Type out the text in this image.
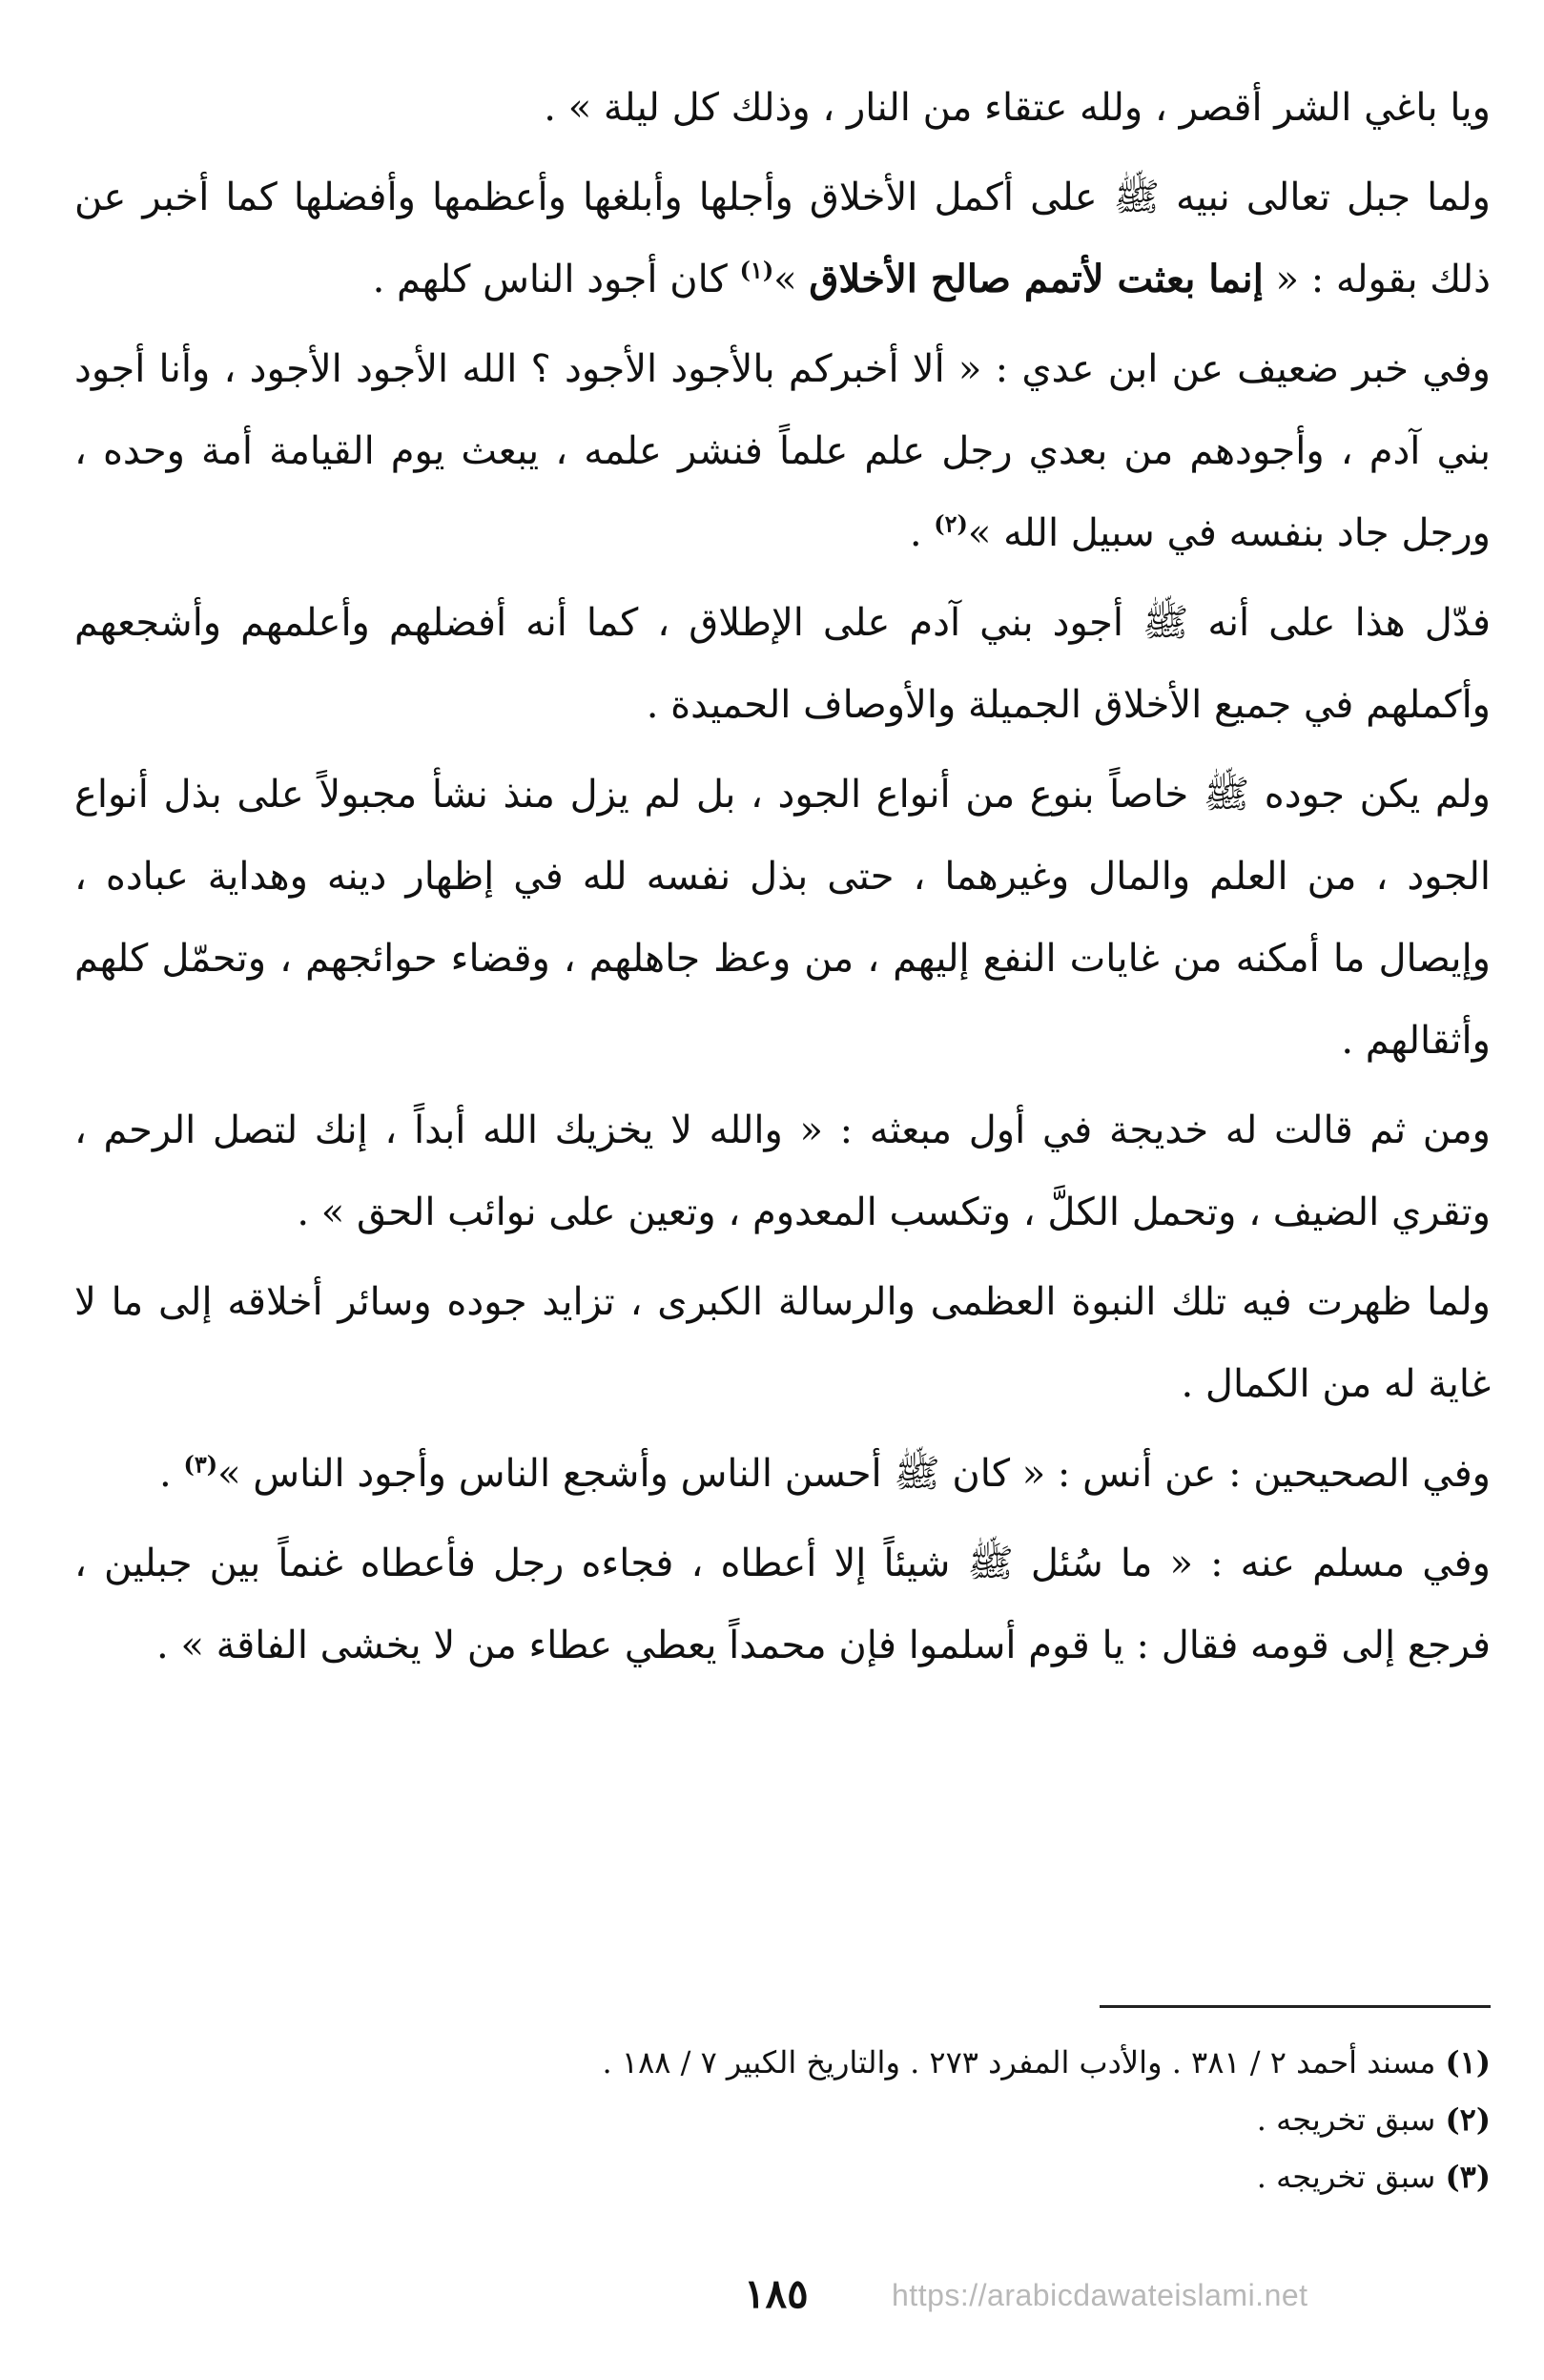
ويا باغي الشر أقصر ، ولله عتقاء من النار ، وذلك كل ليلة » .

ولما جبل تعالى نبيه ﷺ على أكمل الأخلاق وأجلها وأبلغها وأعظمها وأفضلها كما أخبر عن ذلك بقوله : « إنما بعثت لأتمم صالح الأخلاق »$^{(١)}$ كان أجود الناس كلهم .

وفي خبر ضعيف عن ابن عدي : « ألا أخبركم بالأجود الأجود ؟ الله الأجود الأجود ، وأنا أجود بني آدم ، وأجودهم من بعدي رجل علم علماً فنشر علمه ، يبعث يوم القيامة أمة وحده ، ورجل جاد بنفسه في سبيل الله »$^{(٢)}$ .

فدّل هذا على أنه ﷺ أجود بني آدم على الإطلاق ، كما أنه أفضلهم وأعلمهم وأشجعهم وأكملهم في جميع الأخلاق الجميلة والأوصاف الحميدة .

ولم يكن جوده ﷺ خاصاً بنوع من أنواع الجود ، بل لم يزل منذ نشأ مجبولاً على بذل أنواع الجود ، من العلم والمال وغيرهما ، حتى بذل نفسه لله في إظهار دينه وهداية عباده ، وإيصال ما أمكنه من غايات النفع إليهم ، من وعظ جاهلهم ، وقضاء حوائجهم ، وتحمّل كلهم وأثقالهم .

ومن ثم قالت له خديجة في أول مبعثه : « والله لا يخزيك الله أبداً ، إنك لتصل الرحم ، وتقري الضيف ، وتحمل الكلَّ ، وتكسب المعدوم ، وتعين على نوائب الحق » .

ولما ظهرت فيه تلك النبوة العظمى والرسالة الكبرى ، تزايد جوده وسائر أخلاقه إلى ما لا غاية له من الكمال .

وفي الصحيحين : عن أنس : « كان ﷺ أحسن الناس وأشجع الناس وأجود الناس »$^{(٣)}$ .

وفي مسلم عنه : « ما سُئل ﷺ شيئاً إلا أعطاه ، فجاءه رجل فأعطاه غنماً بين جبلين ، فرجع إلى قومه فقال : يا قوم أسلموا فإن محمداً يعطي عطاء من لا يخشى الفاقة » .

(١) مسند أحمد ٢ / ٣٨١ . والأدب المفرد ٢٧٣ . والتاريخ الكبير ٧ / ١٨٨ .

(٢) سبق تخريجه .

(٣) سبق تخريجه .

١٨٥	https://arabicdawateislami.net
